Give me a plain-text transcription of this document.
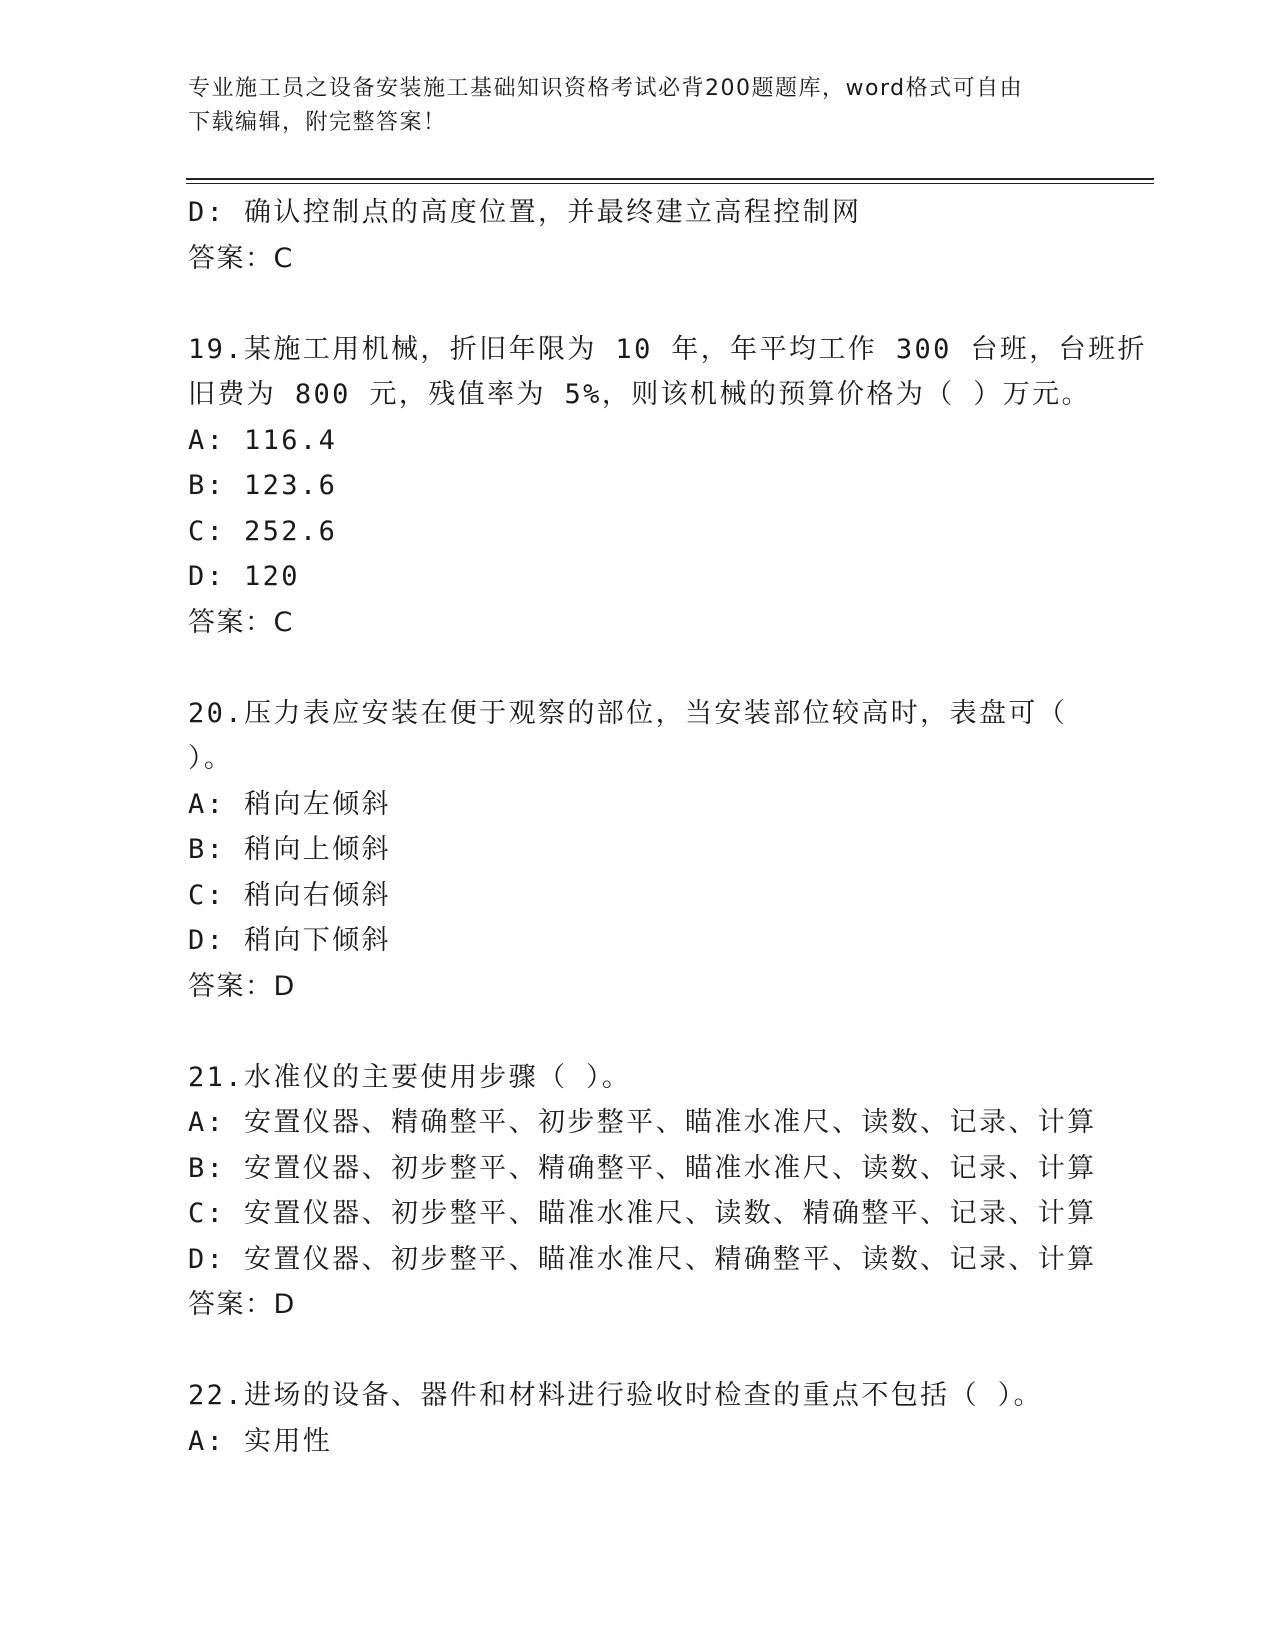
专业施工员之设备安装施工基础知识资格考试必背200题题库，word格式可自由
下载编辑，附完整答案！
D: 确认控制点的高度位置，并最终建立高程控制网
答案：C
19.某施工用机械，折旧年限为 10 年，年平均工作 300 台班，台班折
旧费为 800 元，残值率为 5%，则该机械的预算价格为（ ）万元。
A: 116.4
B: 123.6
C: 252.6
D: 120
答案：C
20.压力表应安装在便于观察的部位，当安装部位较高时，表盘可（
）。
A: 稍向左倾斜
B: 稍向上倾斜
C: 稍向右倾斜
D: 稍向下倾斜
答案：D
21.水准仪的主要使用步骤（ ）。
A: 安置仪器、精确整平、初步整平、瞄准水准尺、读数、记录、计算
B: 安置仪器、初步整平、精确整平、瞄准水准尺、读数、记录、计算
C: 安置仪器、初步整平、瞄准水准尺、读数、精确整平、记录、计算
D: 安置仪器、初步整平、瞄准水准尺、精确整平、读数、记录、计算
答案：D
22.进场的设备、器件和材料进行验收时检查的重点不包括（ ）。
A: 实用性
